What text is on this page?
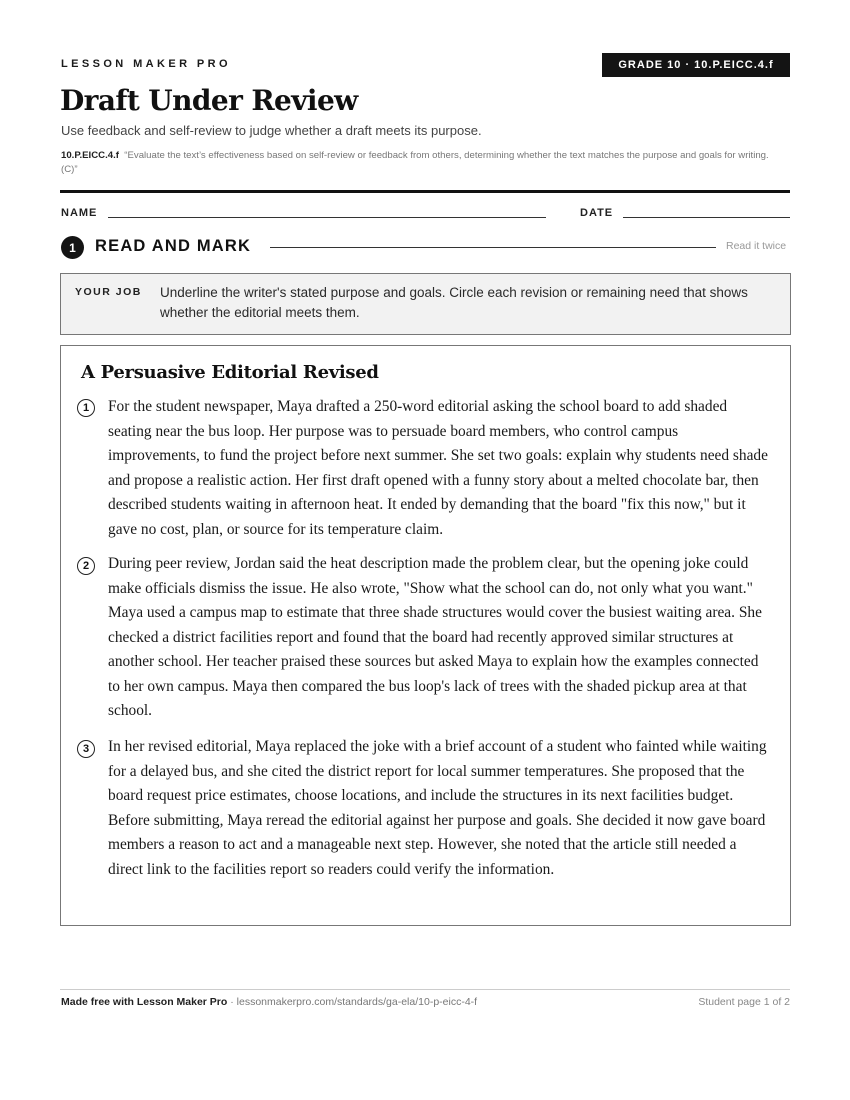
LESSON MAKER PRO	GRADE 10 · 10.P.EICC.4.f
Draft Under Review
Use feedback and self-review to judge whether a draft meets its purpose.
10.P.EICC.4.f “Evaluate the text’s effectiveness based on self-review or feedback from others, determining whether the text matches the purpose and goals for writing. (C)”
NAME	DATE
1	READ AND MARK	Read it twice
YOUR JOB Underline the writer's stated purpose and goals. Circle each revision or remaining need that shows whether the editorial meets them.
A Persuasive Editorial Revised
1	For the student newspaper, Maya drafted a 250-word editorial asking the school board to add shaded seating near the bus loop. Her purpose was to persuade board members, who control campus improvements, to fund the project before next summer. She set two goals: explain why students need shade and propose a realistic action. Her first draft opened with a funny story about a melted chocolate bar, then described students waiting in afternoon heat. It ended by demanding that the board "fix this now," but it gave no cost, plan, or source for its temperature claim.
2	During peer review, Jordan said the heat description made the problem clear, but the opening joke could make officials dismiss the issue. He also wrote, "Show what the school can do, not only what you want." Maya used a campus map to estimate that three shade structures would cover the busiest waiting area. She checked a district facilities report and found that the board had recently approved similar structures at another school. Her teacher praised these sources but asked Maya to explain how the examples connected to her own campus. Maya then compared the bus loop's lack of trees with the shaded pickup area at that school.
3	In her revised editorial, Maya replaced the joke with a brief account of a student who fainted while waiting for a delayed bus, and she cited the district report for local summer temperatures. She proposed that the board request price estimates, choose locations, and include the structures in its next facilities budget. Before submitting, Maya reread the editorial against her purpose and goals. She decided it now gave board members a reason to act and a manageable next step. However, she noted that the article still needed a direct link to the facilities report so readers could verify the information.
Made free with Lesson Maker Pro · lessonmakerpro.com/standards/ga-ela/10-p-eicc-4-f	Student page 1 of 2
